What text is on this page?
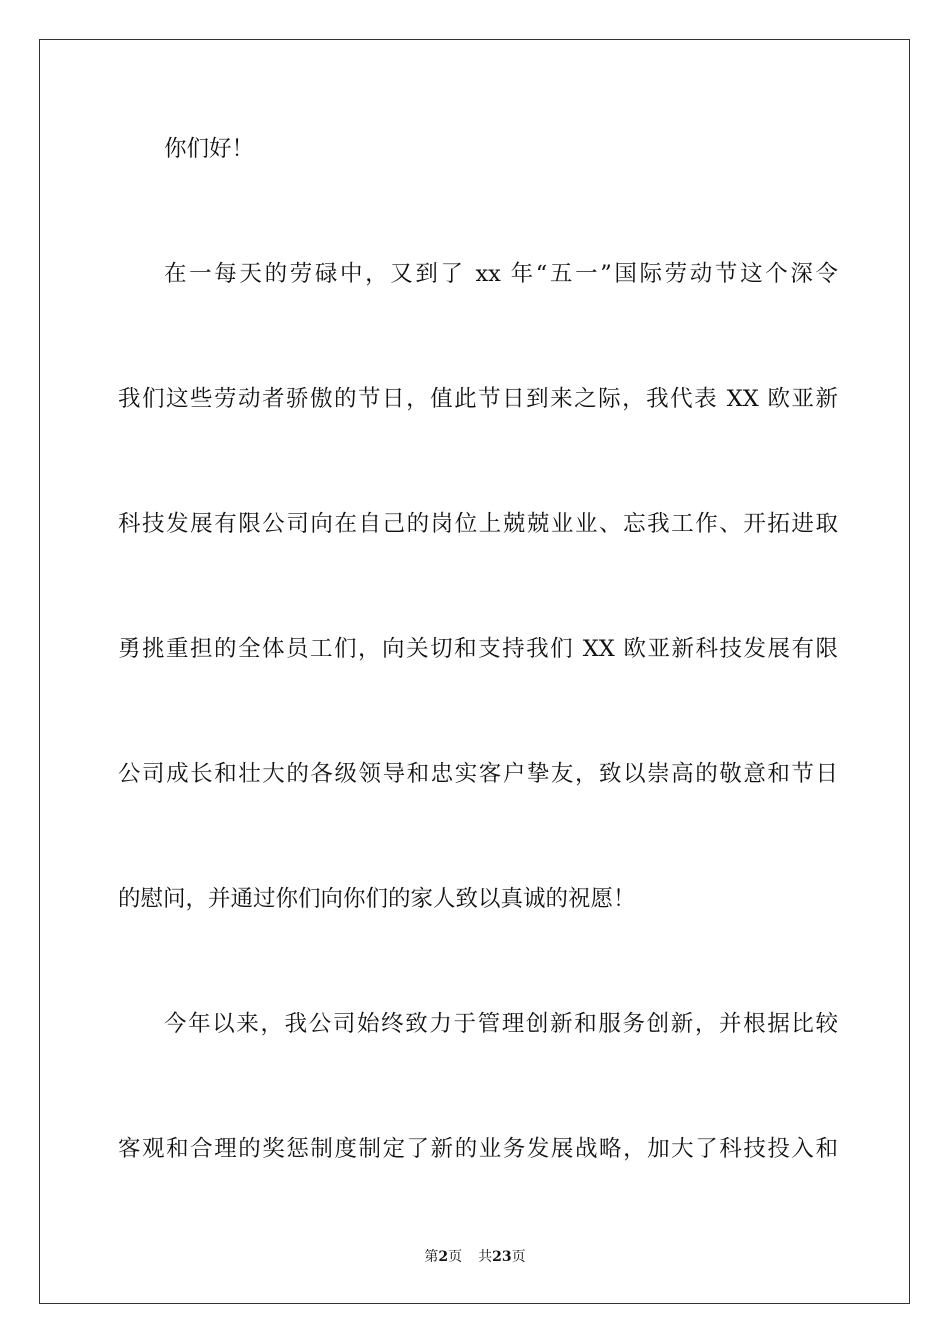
你们好！
在一每天的劳碌中，又到了 xx 年“五一”国际劳动节这个深令
我们这些劳动者骄傲的节日，值此节日到来之际，我代表 XX 欧亚新
科技发展有限公司向在自己的岗位上兢兢业业、忘我工作、开拓进取
勇挑重担的全体员工们，向关切和支持我们 XX 欧亚新科技发展有限
公司成长和壮大的各级领导和忠实客户挚友，致以崇高的敬意和节日
的慰问，并通过你们向你们的家人致以真诚的祝愿！
今年以来，我公司始终致力于管理创新和服务创新，并根据比较
客观和合理的奖惩制度制定了新的业务发展战略，加大了科技投入和
第2页 共23页
